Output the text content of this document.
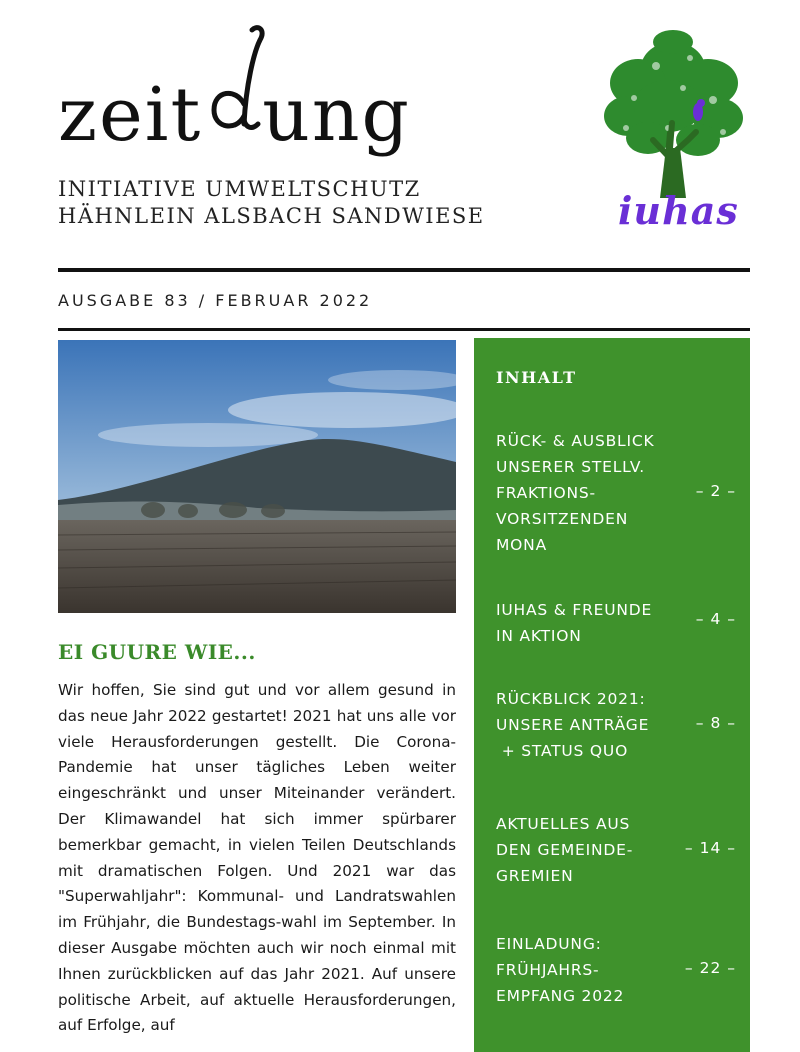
zeit ung
INITIATIVE UMWELTSCHUTZ
HÄHNLEIN ALSBACH SANDWIESE	iuhas
AUSGABE 83 / FEBRUAR 2022
EI GUURE WIE...
Wir hoffen, Sie sind gut und vor allem gesund in das neue Jahr 2022 gestartet! 2021 hat uns alle vor viele Herausforderungen gestellt. Die Corona-Pandemie hat unser tägliches Leben weiter eingeschränkt und unser Miteinander verändert. Der Klimawandel hat sich immer spürbarer bemerkbar gemacht, in vielen Teilen Deutschlands mit dramatischen Folgen. Und 2021 war das "Superwahljahr": Kommunal- und Landratswahlen im Frühjahr, die Bundestags-wahl im September. In dieser Ausgabe möchten auch wir noch einmal mit Ihnen zurückblicken auf das Jahr 2021. Auf unsere politische Arbeit, auf aktuelle Herausforderungen, auf Erfolge, auf
INHALT
RÜCK- & AUSBLICK
UNSERER STELLV.
FRAKTIONS-
VORSITZENDEN
MONA
– 2 –
IUHAS & FREUNDE
IN AKTION
– 4 –
RÜCKBLICK 2021:
UNSERE ANTRÄGE
+ STATUS QUO
– 8 –
AKTUELLES AUS
DEN GEMEINDE-
GREMIEN
– 14 –
EINLADUNG:
FRÜHJAHRS-
EMPFANG 2022
– 22 –
